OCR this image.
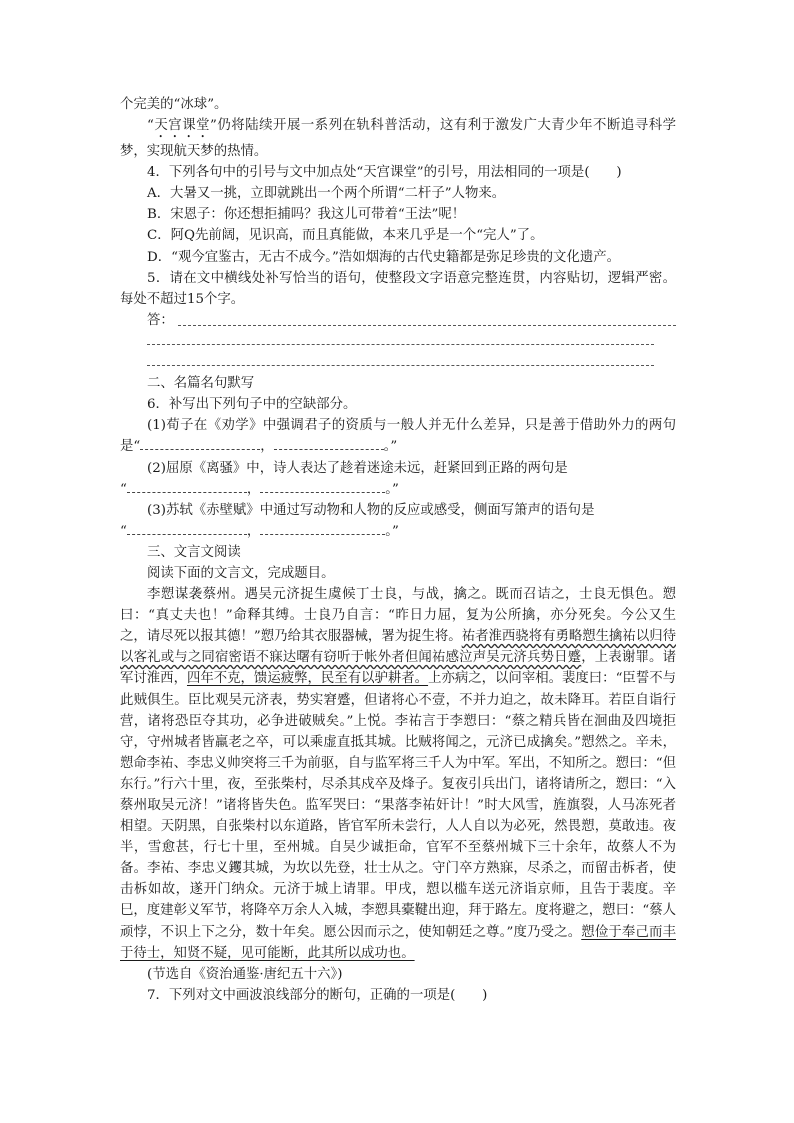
个完美的“冰球”。

“天宫课堂”仍将陆续开展一系列在轨科普活动，这有利于激发广大青少年不断追寻科学梦，实现航天梦的热情。

4．下列各句中的引号与文中加点处“天宫课堂”的引号，用法相同的一项是(　　)

A．大暑又一挑，立即就跳出一个两个所谓“二杆子”人物来。

B．宋恩子：你还想拒捕吗？我这儿可带着“王法”呢！

C．阿Q先前阔，见识高，而且真能做，本来几乎是一个“完人”了。

D．“观今宜鉴古，无古不成今。”浩如烟海的古代史籍都是弥足珍贵的文化遗产。

5．请在文中横线处补写恰当的语句，使整段文字语意完整连贯，内容贴切，逻辑严密。每处不超过15个字。

答：

二、名篇名句默写

6．补写出下列句子中的空缺部分。

(1)荀子在《劝学》中强调君子的资质与一般人并无什么差异，只是善于借助外力的两句是“	，	。”

(2)屈原《离骚》中，诗人表达了趁着迷途未远，赶紧回到正路的两句是

“	，	。”

(3)苏轼《赤壁赋》中通过写动物和人物的反应或感受，侧面写箫声的语句是

“	，	。”

三、文言文阅读

阅读下面的文言文，完成题目。

李愬谋袭蔡州。遇吴元济捉生虞候丁士良，与战，擒之。既而召诘之，士良无惧色。愬曰：“真丈夫也！”命释其缚。士良乃自言：“昨日力屈，复为公所擒，亦分死矣。今公又生之，请尽死以报其德！”愬乃给其衣服器械，署为捉生将。祐者淮西骁将有勇略愬生擒祐以归待以客礼或与之同宿密语不寐达曙有窃听于帐外者但闻祐感泣声吴元济兵势日蹙，上表谢罪。诸军讨淮西，四年不克，馈运疲弊，民至有以驴耕者。上亦病之，以问宰相。裴度曰：“臣誓不与此贼俱生。臣比观吴元济表，势实窘蹙，但诸将心不壹，不并力迫之，故未降耳。若臣自诣行营，诸将恐臣夺其功，必争进破贼矣。”上悦。李祐言于李愬曰：“蔡之精兵皆在洄曲及四境拒守，守州城者皆羸老之卒，可以乘虚直抵其城。比贼将闻之，元济已成擒矣。”愬然之。辛未，愬命李祐、李忠义帅突将三千为前驱，自与监军将三千人为中军。军出，不知所之。愬曰：“但东行。”行六十里，夜，至张柴村，尽杀其戍卒及烽子。复夜引兵出门，诸将请所之，愬曰：“入蔡州取吴元济！”诸将皆失色。监军哭曰：“果落李祐奸计！”时大风雪，旌旗裂，人马冻死者相望。天阴黑，自张柴村以东道路，皆官军所未尝行，人人自以为必死，然畏愬，莫敢违。夜半，雪愈甚，行七十里，至州城。自吴少诚拒命，官军不至蔡州城下三十余年，故蔡人不为备。李祐、李忠义钁其城，为坎以先登，壮士从之。守门卒方熟寐，尽杀之，而留击柝者，使击柝如故，遂开门纳众。元济于城上请罪。甲戌，愬以槛车送元济诣京师，且告于裴度。辛巳，度建彰义军节，将降卒万余人入城，李愬具橐鞬出迎，拜于路左。度将避之，愬曰：“蔡人顽悖，不识上下之分，数十年矣。愿公因而示之，使知朝廷之尊。”度乃受之。愬俭于奉己而丰于待士，知贤不疑，见可能断，此其所以成功也。

(节选自《资治通鉴·唐纪五十六》)

7．下列对文中画波浪线部分的断句，正确的一项是(　　)
